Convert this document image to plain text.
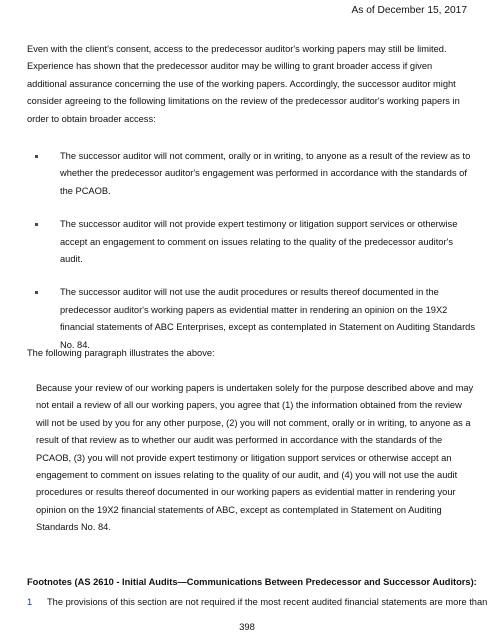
As of December 15, 2017

Even with the client's consent, access to the predecessor auditor's working papers may still be limited. Experience has shown that the predecessor auditor may be willing to grant broader access if given additional assurance concerning the use of the working papers. Accordingly, the successor auditor might consider agreeing to the following limitations on the review of the predecessor auditor's working papers in order to obtain broader access:

The successor auditor will not comment, orally or in writing, to anyone as a result of the review as to whether the predecessor auditor's engagement was performed in accordance with the standards of the PCAOB.
The successor auditor will not provide expert testimony or litigation support services or otherwise accept an engagement to comment on issues relating to the quality of the predecessor auditor's audit.
The successor auditor will not use the audit procedures or results thereof documented in the predecessor auditor's working papers as evidential matter in rendering an opinion on the 19X2 financial statements of ABC Enterprises, except as contemplated in Statement on Auditing Standards No. 84.

The following paragraph illustrates the above:

Because your review of our working papers is undertaken solely for the purpose described above and may not entail a review of all our working papers, you agree that (1) the information obtained from the review will not be used by you for any other purpose, (2) you will not comment, orally or in writing, to anyone as a result of that review as to whether our audit was performed in accordance with the standards of the PCAOB, (3) you will not provide expert testimony or litigation support services or otherwise accept an engagement to comment on issues relating to the quality of our audit, and (4) you will not use the audit procedures or results thereof documented in our working papers as evidential matter in rendering your opinion on the 19X2 financial statements of ABC, except as contemplated in Statement on Auditing Standards No. 84.

Footnotes (AS 2610 - Initial Audits—Communications Between Predecessor and Successor Auditors):

1 The provisions of this section are not required if the most recent audited financial statements are more than

398
